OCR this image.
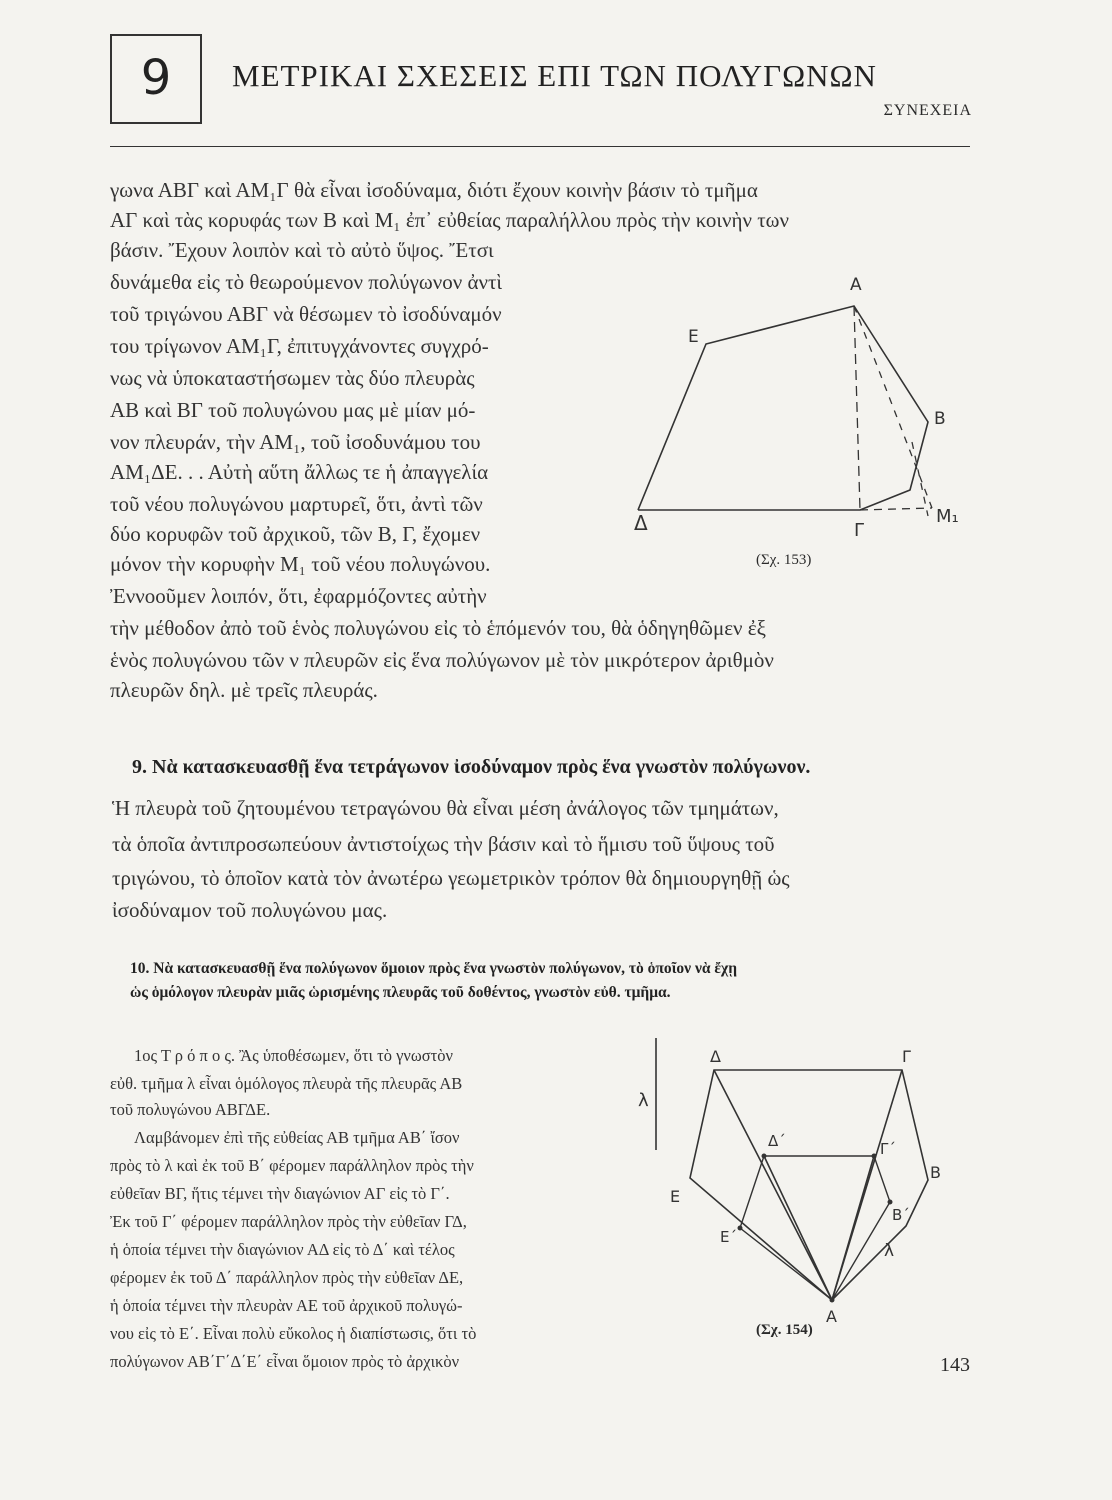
9	ΜΕΤΡΙΚΑΙ ΣΧΕΣΕΙΣ ΕΠΙ ΤΩΝ ΠΟΛΥΓΩΝΩΝ
ΣΥΝΕΧΕΙΑ
γωνα ΑΒΓ καὶ ΑΜ₁Γ θὰ εἶναι ἰσοδύναμα, διότι ἔχουν κοινὴν βάσιν τὸ τμῆμα
ΑΓ καὶ τὰς κορυφάς των Β καὶ Μ₁ ἐπ᾽ εὐθείας παραλήλλου πρὸς τὴν κοινὴν των
βάσιν. Ἔχουν λοιπὸν καὶ τὸ αὐτὸ ὕψος. Ἔτσι
δυνάμεθα εἰς τὸ θεωρούμενον πολύγωνον ἀντὶ
τοῦ τριγώνου ΑΒΓ νὰ θέσωμεν τὸ ἰσοδύναμόν
του τρίγωνον ΑΜ₁Γ, ἐπιτυγχάνοντες συγχρό-
νως νὰ ὑποκαταστήσωμεν τὰς δύο πλευρὰς
ΑΒ καὶ ΒΓ τοῦ πολυγώνου μας μὲ μίαν μό-
νον πλευράν, τὴν ΑΜ₁, τοῦ ἰσοδυνάμου του
ΑΜ₁ΔΕ. . . Αὐτὴ αὕτη ἄλλως τε ἡ ἀπαγγελία
τοῦ νέου πολυγώνου μαρτυρεῖ, ὅτι, ἀντὶ τῶν
δύο κορυφῶν τοῦ ἀρχικοῦ, τῶν Β, Γ, ἔχομεν
μόνον τὴν κορυφὴν Μ₁ τοῦ νέου πολυγώνου.
Ἐννοοῦμεν λοιπόν, ὅτι, ἐφαρμόζοντες αὐτὴν
τὴν μέθοδον ἀπὸ τοῦ ἑνὸς πολυγώνου εἰς τὸ ἑπόμενόν του, θὰ ὁδηγηθῶμεν ἐξ
ἑνὸς πολυγώνου τῶν ν πλευρῶν εἰς ἕνα πολύγωνον μὲ τὸν μικρότερον ἀριθμὸν
πλευρῶν δηλ. μὲ τρεῖς πλευράς.
Α
Ε
Β
Δ	Γ
Μ₁
(Σχ. 153)
9. Νὰ κατασκευασθῇ ἕνα τετράγωνον ἰσοδύναμον πρὸς ἕνα γνωστὸν πολύγωνον.
Ἡ πλευρὰ τοῦ ζητουμένου τετραγώνου θὰ εἶναι μέση ἀνάλογος τῶν τμημάτων,
τὰ ὁποῖα ἀντιπροσωπεύουν ἀντιστοίχως τὴν βάσιν καὶ τὸ ἥμισυ τοῦ ὕψους τοῦ
τριγώνου, τὸ ὁποῖον κατὰ τὸν ἀνωτέρω γεωμετρικὸν τρόπον θὰ δημιουργηθῇ ὡς
ἰσοδύναμον τοῦ πολυγώνου μας.
10. Νὰ κατασκευασθῇ ἕνα πολύγωνον ὅμοιον πρὸς ἕνα γνωστὸν πολύγωνον, τὸ ὁποῖον νὰ ἔχῃ
ὡς ὁμόλογον πλευρὰν μιᾶς ὡρισμένης πλευρᾶς τοῦ δοθέντος, γνωστὸν εὐθ. τμῆμα.
1ος Τ ρ ό π ο ς. Ἂς ὑποθέσωμεν, ὅτι τὸ γνωστὸν
εὐθ. τμῆμα λ εἶναι ὁμόλογος πλευρὰ τῆς πλευρᾶς ΑΒ
τοῦ πολυγώνου ΑΒΓΔΕ.
Λαμβάνομεν ἐπὶ τῆς εὐθείας ΑΒ τμῆμα ΑΒ΄ ἴσον
πρὸς τὸ λ καὶ ἐκ τοῦ Β΄ φέρομεν παράλληλον πρὸς τὴν
εὐθεῖαν ΒΓ, ἥτις τέμνει τὴν διαγώνιον ΑΓ εἰς τὸ Γ΄.
Ἐκ τοῦ Γ΄ φέρομεν παράλληλον πρὸς τὴν εὐθεῖαν ΓΔ,
ἡ ὁποία τέμνει τὴν διαγώνιον ΑΔ εἰς τὸ Δ΄ καὶ τέλος
φέρομεν ἐκ τοῦ Δ΄ παράλληλον πρὸς τὴν εὐθεῖαν ΔΕ,
ἡ ὁποία τέμνει τὴν πλευρὰν ΑΕ τοῦ ἀρχικοῦ πολυγώ-
νου εἰς τὸ Ε΄. Εἶναι πολὺ εὔκολος ἡ διαπίστωσις, ὅτι τὸ
πολύγωνον ΑΒ΄Γ΄Δ΄Ε΄ εἶναι ὅμοιον πρὸς τὸ ἀρχικὸν
Δ	Γ
λ
Δ΄	Γ΄
Ε
Β
Β΄
Ε΄
λ
Α
(Σχ. 154)
143
